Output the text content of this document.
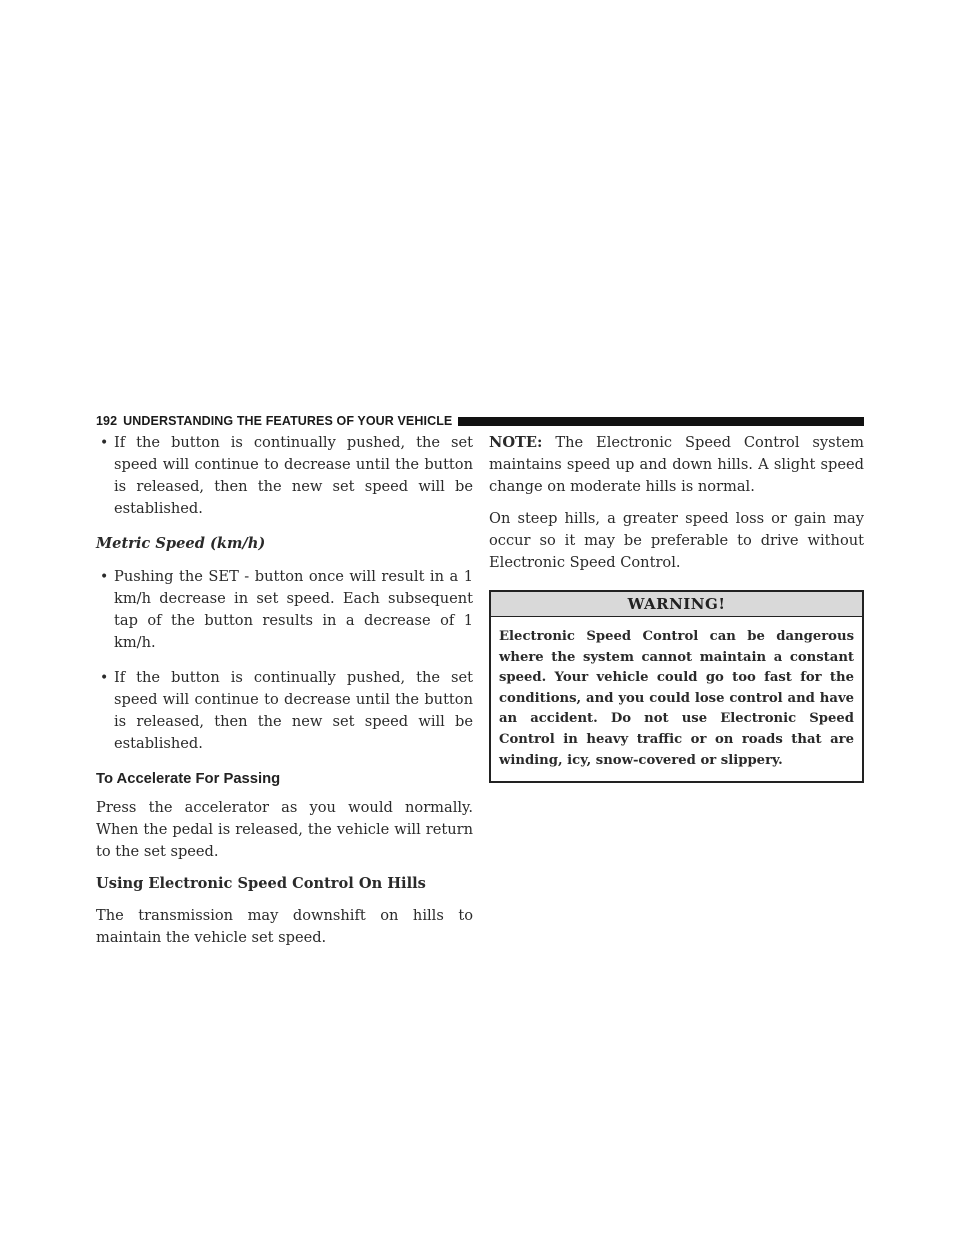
192 UNDERSTANDING THE FEATURES OF YOUR VEHICLE
• If the button is continually pushed, the set speed will continue to decrease until the button is released, then the new set speed will be established.
Metric Speed (km/h)
• Pushing the SET - button once will result in a 1 km/h decrease in set speed. Each subsequent tap of the button results in a decrease of 1 km/h.
• If the button is continually pushed, the set speed will continue to decrease until the button is released, then the new set speed will be established.
To Accelerate For Passing

Press the accelerator as you would normally. When the pedal is released, the vehicle will return to the set speed.

Using Electronic Speed Control On Hills

The transmission may downshift on hills to maintain the vehicle set speed.

NOTE: The Electronic Speed Control system maintains speed up and down hills. A slight speed change on moderate hills is normal.

On steep hills, a greater speed loss or gain may occur so it may be preferable to drive without Electronic Speed Control.

WARNING!
Electronic Speed Control can be dangerous where the system cannot maintain a constant speed. Your vehicle could go too fast for the conditions, and you could lose control and have an accident. Do not use Electronic Speed Control in heavy traffic or on roads that are winding, icy, snow-covered or slippery.
